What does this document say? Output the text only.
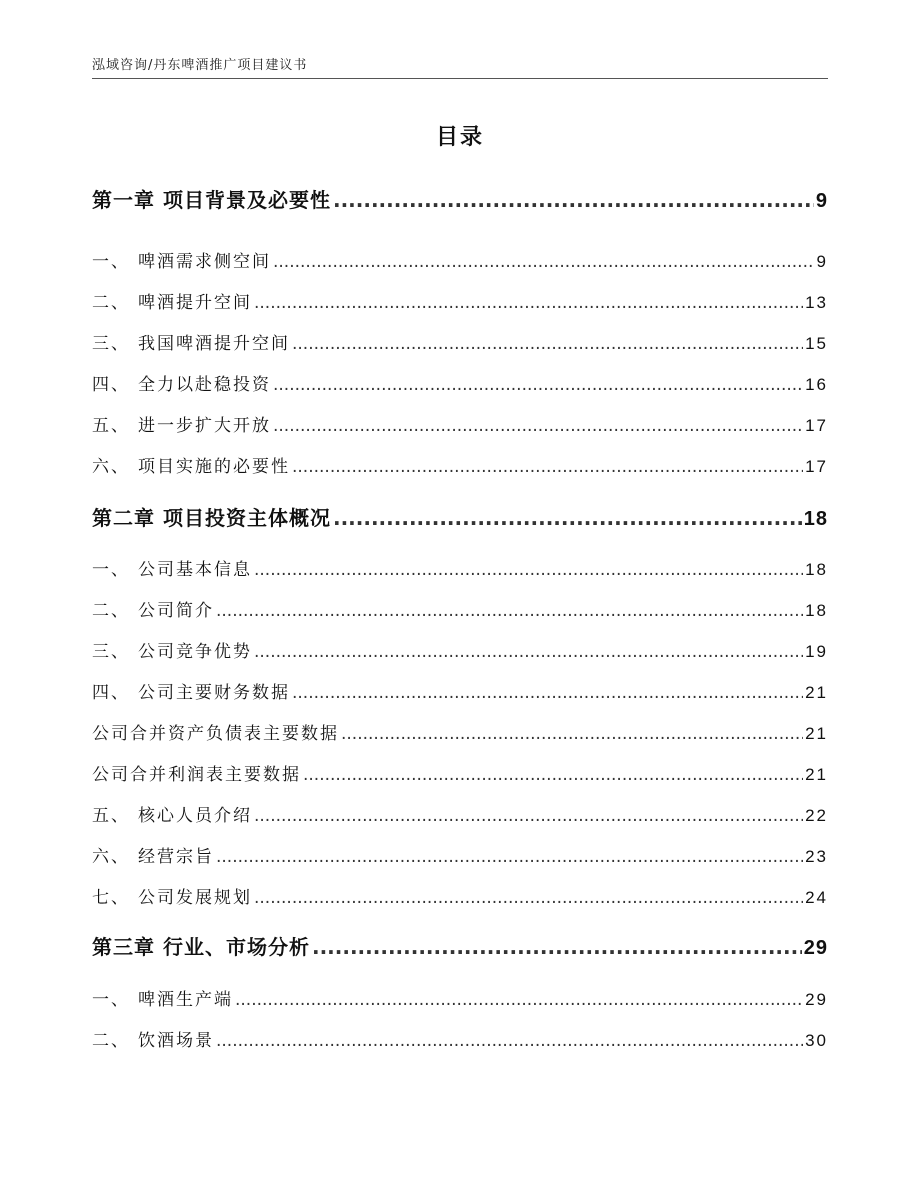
泓域咨询/丹东啤酒推广项目建议书
目录
第一章 项目背景及必要性 .....	9
一、 啤酒需求侧空间 .....	9
二、 啤酒提升空间 .....	13
三、 我国啤酒提升空间 .....	15
四、 全力以赴稳投资 .....	16
五、 进一步扩大开放 .....	17
六、 项目实施的必要性 .....	17
第二章 项目投资主体概况 .....	18
一、 公司基本信息 .....	18
二、 公司简介 .....	18
三、 公司竞争优势 .....	19
四、 公司主要财务数据 .....	21
公司合并资产负债表主要数据 .....	21
公司合并利润表主要数据 .....	21
五、 核心人员介绍 .....	22
六、 经营宗旨 .....	23
七、 公司发展规划 .....	24
第三章 行业、市场分析 .....	29
一、 啤酒生产端 .....	29
二、 饮酒场景 .....	30
